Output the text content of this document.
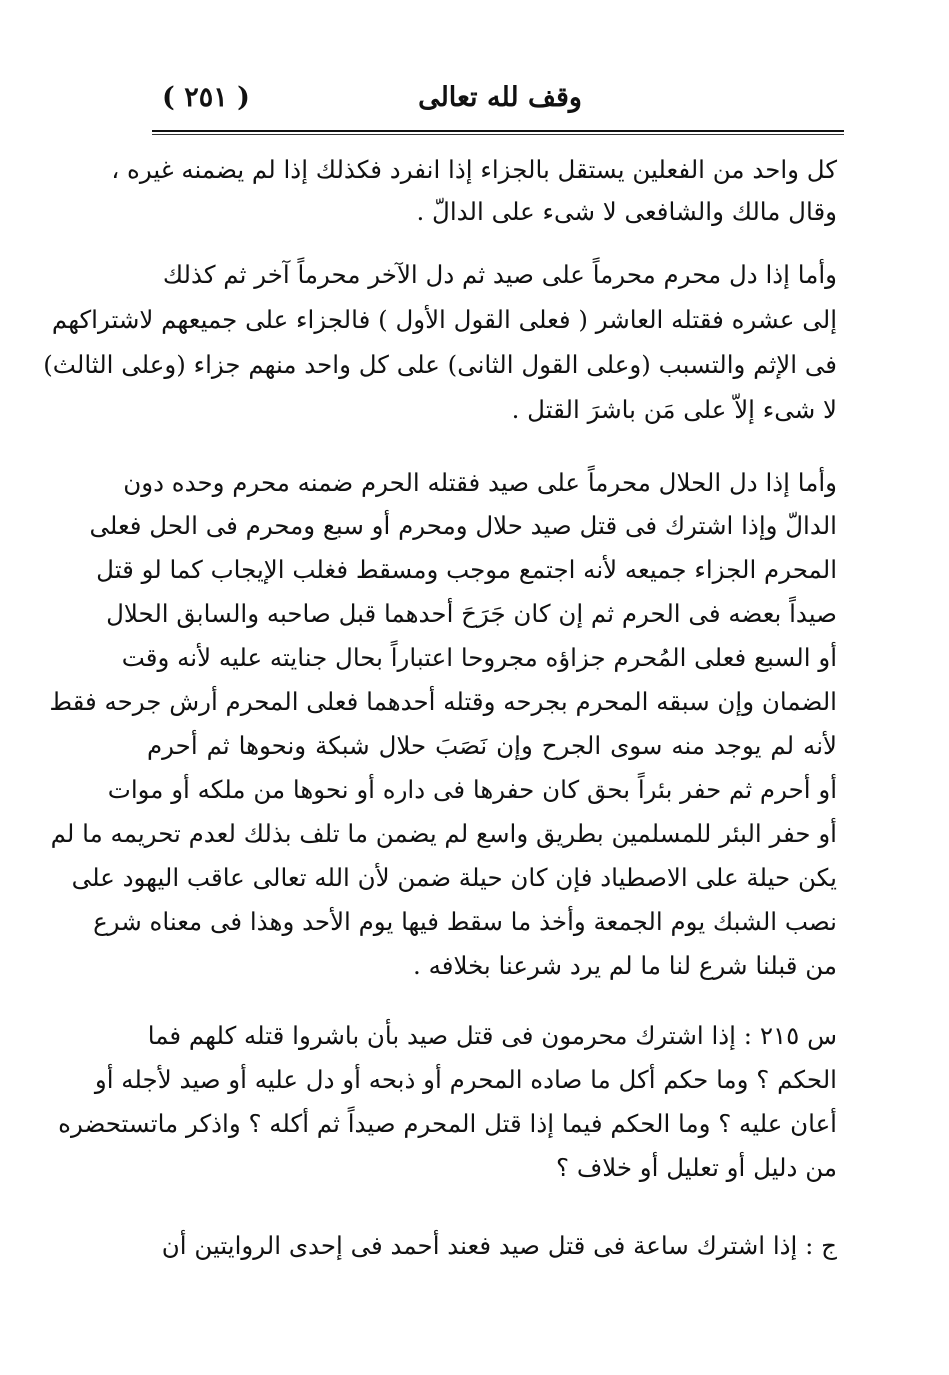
( ٢٥١ )	وقف لله تعالى
كل واحد من الفعلين يستقل بالجزاء إذا انفرد فكذلك إذا لم يضمنه غيره ،
وقال مالك والشافعى لا شىء على الدالّ .
وأما إذا دل محرم محرماً على صيد ثم دل الآخر محرماً آخر ثم كذلك
إلى عشره فقتله العاشر ( فعلى القول الأول ) فالجزاء على جميعهم لاشتراكهم
فى الإثم والتسبب (وعلى القول الثانى) على كل واحد منهم جزاء (وعلى الثالث)
لا شىء إلاّ على مَن باشرَ القتل .
وأما إذا دل الحلال محرماً على صيد فقتله الحرم ضمنه محرم وحده دون
الدالّ وإذا اشترك فى قتل صيد حلال ومحرم أو سبع ومحرم فى الحل فعلى
المحرم الجزاء جميعه لأنه اجتمع موجب ومسقط فغلب الإيجاب كما لو قتل
صيداً بعضه فى الحرم ثم إن كان جَرَحَ أحدهما قبل صاحبه والسابق الحلال
أو السبع فعلى المُحرم جزاؤه مجروحا اعتباراً بحال جنايته عليه لأنه وقت
الضمان وإن سبقه المحرم بجرحه وقتله أحدهما فعلى المحرم أرش جرحه فقط
لأنه لم يوجد منه سوى الجرح وإن نَصَبَ حلال شبكة ونحوها ثم أحرم
أو أحرم ثم حفر بئراً بحق كان حفرها فى داره أو نحوها من ملكه أو موات
أو حفر البئر للمسلمين بطريق واسع لم يضمن ما تلف بذلك لعدم تحريمه ما لم
يكن حيلة على الاصطياد فإن كان حيلة ضمن لأن الله تعالى عاقب اليهود على
نصب الشبك يوم الجمعة وأخذ ما سقط فيها يوم الأحد وهذا فى معناه شرع
من قبلنا شرع لنا ما لم يرد شرعنا بخلافه .
س ٢١٥ : إذا اشترك محرمون فى قتل صيد بأن باشروا قتله كلهم فما
الحكم ؟ وما حكم أكل ما صاده المحرم أو ذبحه أو دل عليه أو صيد لأجله أو
أعان عليه ؟ وما الحكم فيما إذا قتل المحرم صيداً ثم أكله ؟ واذكر ماتستحضره
من دليل أو تعليل أو خلاف ؟
ج : إذا اشترك ساعة فى قتل صيد فعند أحمد فى إحدى الروايتين أن
